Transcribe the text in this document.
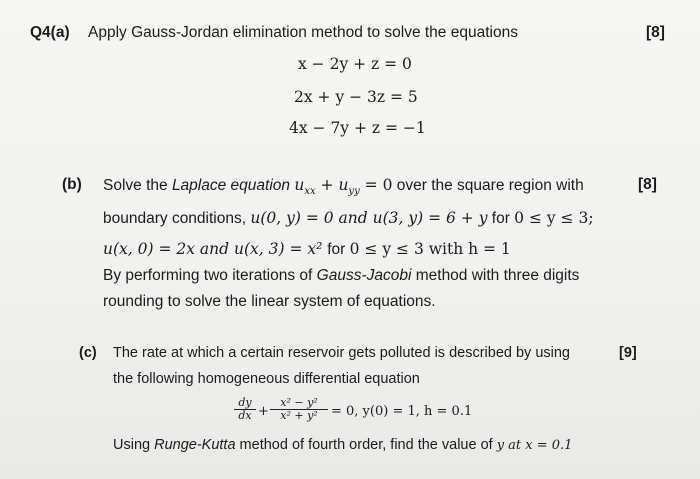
Q4(a) Apply Gauss-Jordan elimination method to solve the equations	[8]
x − 2y + z = 0
2x + y − 3z = 5
4x − 7y + z = −1
(b) Solve the Laplace equation $u_{xx} + u_{yy} = 0$ over the square region with	[8]
boundary conditions, u(0, y) = 0 and u(3, y) = 6 + y for 0 ≤ y ≤ 3;
u(x, 0) = 2x and u(x, 3) = x² for 0 ≤ y ≤ 3 with h = 1
By performing two iterations of Gauss-Jacobi method with three digits
rounding to solve the linear system of equations.
(c) The rate at which a certain reservoir gets polluted is described by using	[9]
the following homogeneous differential equation
dy
dx +
x² − y²
x² + y² = 0, y(0) = 1, h = 0.1
Using Runge-Kutta method of fourth order, find the value of y at x = 0.1
